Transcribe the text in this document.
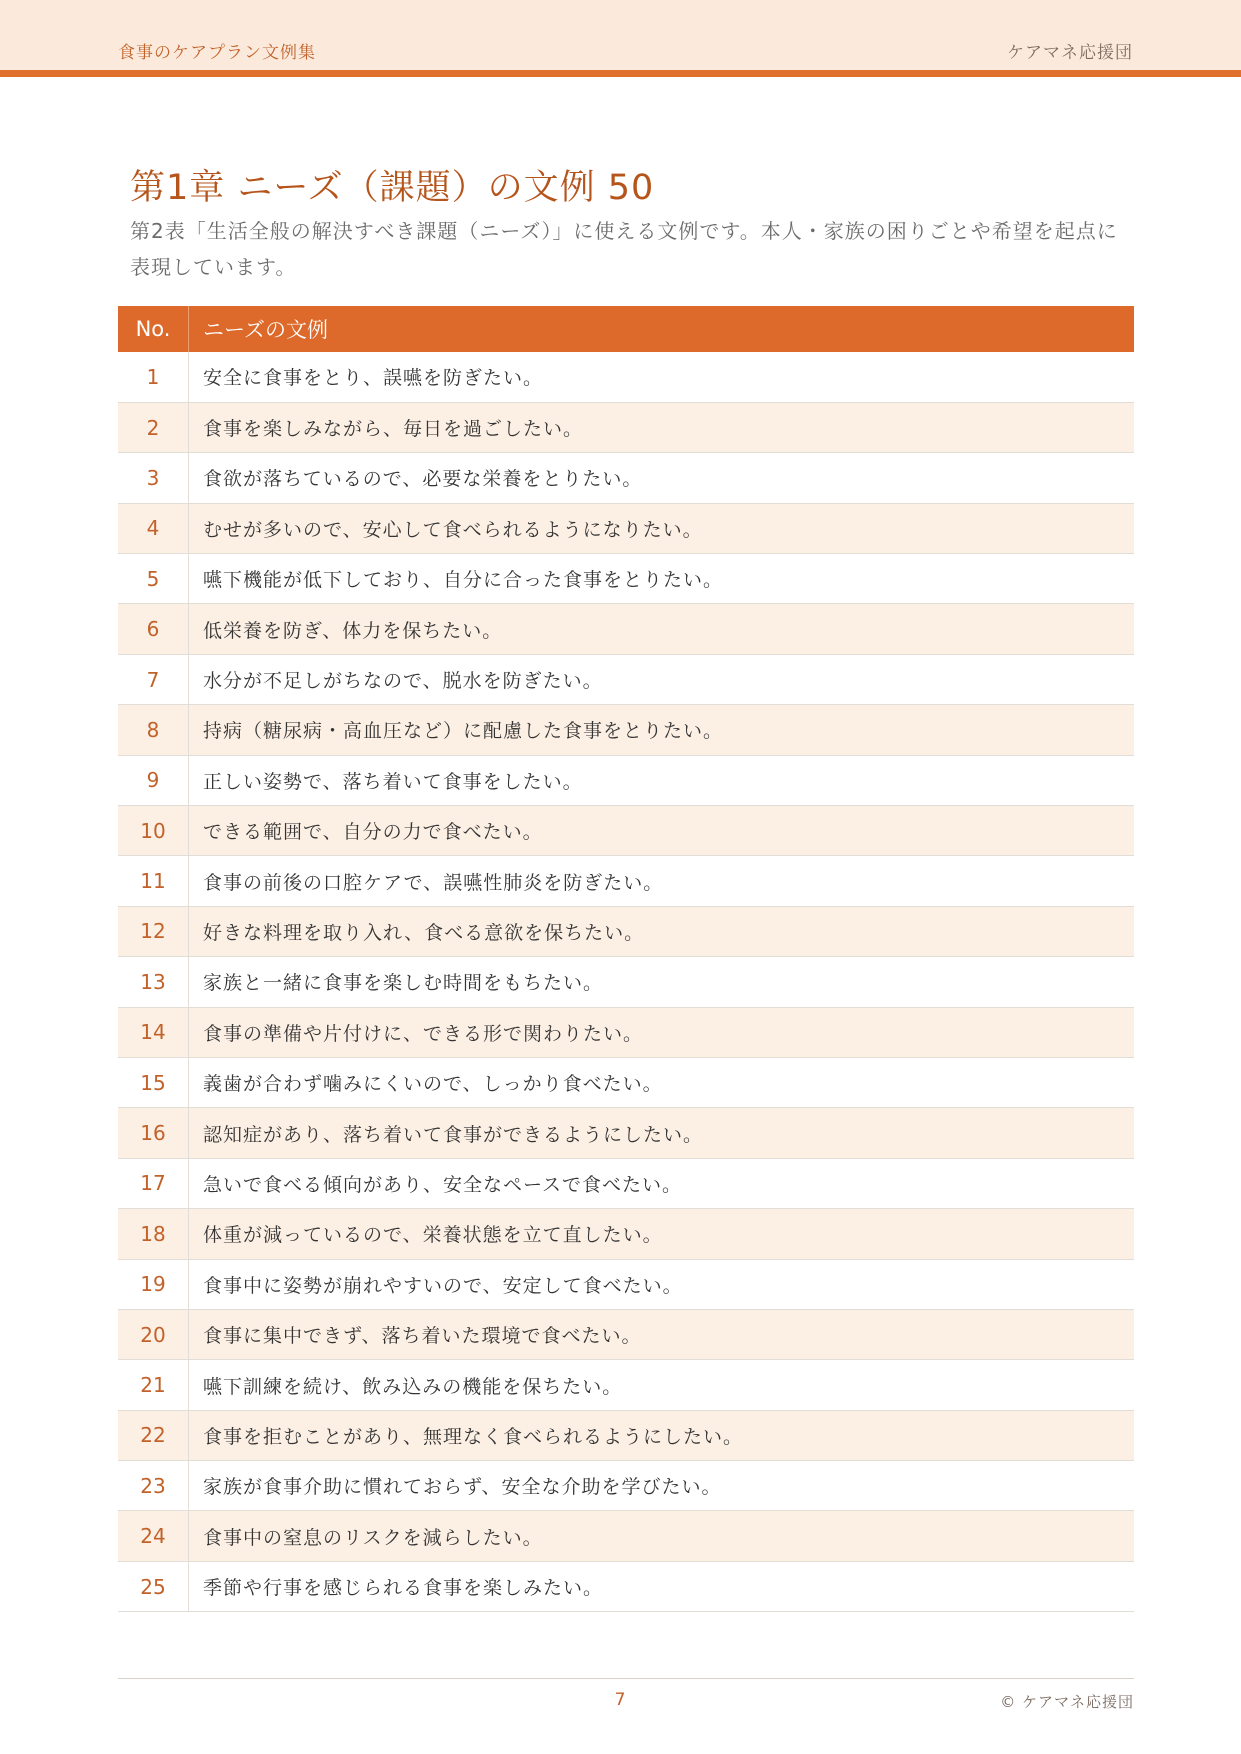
食事のケアプラン文例集	ケアマネ応援団
第1章 ニーズ（課題）の文例 50
第2表「生活全般の解決すべき課題（ニーズ）」に使える文例です。本人・家族の困りごとや希望を起点に表現しています。
No.	ニーズの文例
1	安全に食事をとり、誤嚥を防ぎたい。
2	食事を楽しみながら、毎日を過ごしたい。
3	食欲が落ちているので、必要な栄養をとりたい。
4	むせが多いので、安心して食べられるようになりたい。
5	嚥下機能が低下しており、自分に合った食事をとりたい。
6	低栄養を防ぎ、体力を保ちたい。
7	水分が不足しがちなので、脱水を防ぎたい。
8	持病（糖尿病・高血圧など）に配慮した食事をとりたい。
9	正しい姿勢で、落ち着いて食事をしたい。
10	できる範囲で、自分の力で食べたい。
11	食事の前後の口腔ケアで、誤嚥性肺炎を防ぎたい。
12	好きな料理を取り入れ、食べる意欲を保ちたい。
13	家族と一緒に食事を楽しむ時間をもちたい。
14	食事の準備や片付けに、できる形で関わりたい。
15	義歯が合わず噛みにくいので、しっかり食べたい。
16	認知症があり、落ち着いて食事ができるようにしたい。
17	急いで食べる傾向があり、安全なペースで食べたい。
18	体重が減っているので、栄養状態を立て直したい。
19	食事中に姿勢が崩れやすいので、安定して食べたい。
20	食事に集中できず、落ち着いた環境で食べたい。
21	嚥下訓練を続け、飲み込みの機能を保ちたい。
22	食事を拒むことがあり、無理なく食べられるようにしたい。
23	家族が食事介助に慣れておらず、安全な介助を学びたい。
24	食事中の窒息のリスクを減らしたい。
25	季節や行事を感じられる食事を楽しみたい。
7	© ケアマネ応援団
